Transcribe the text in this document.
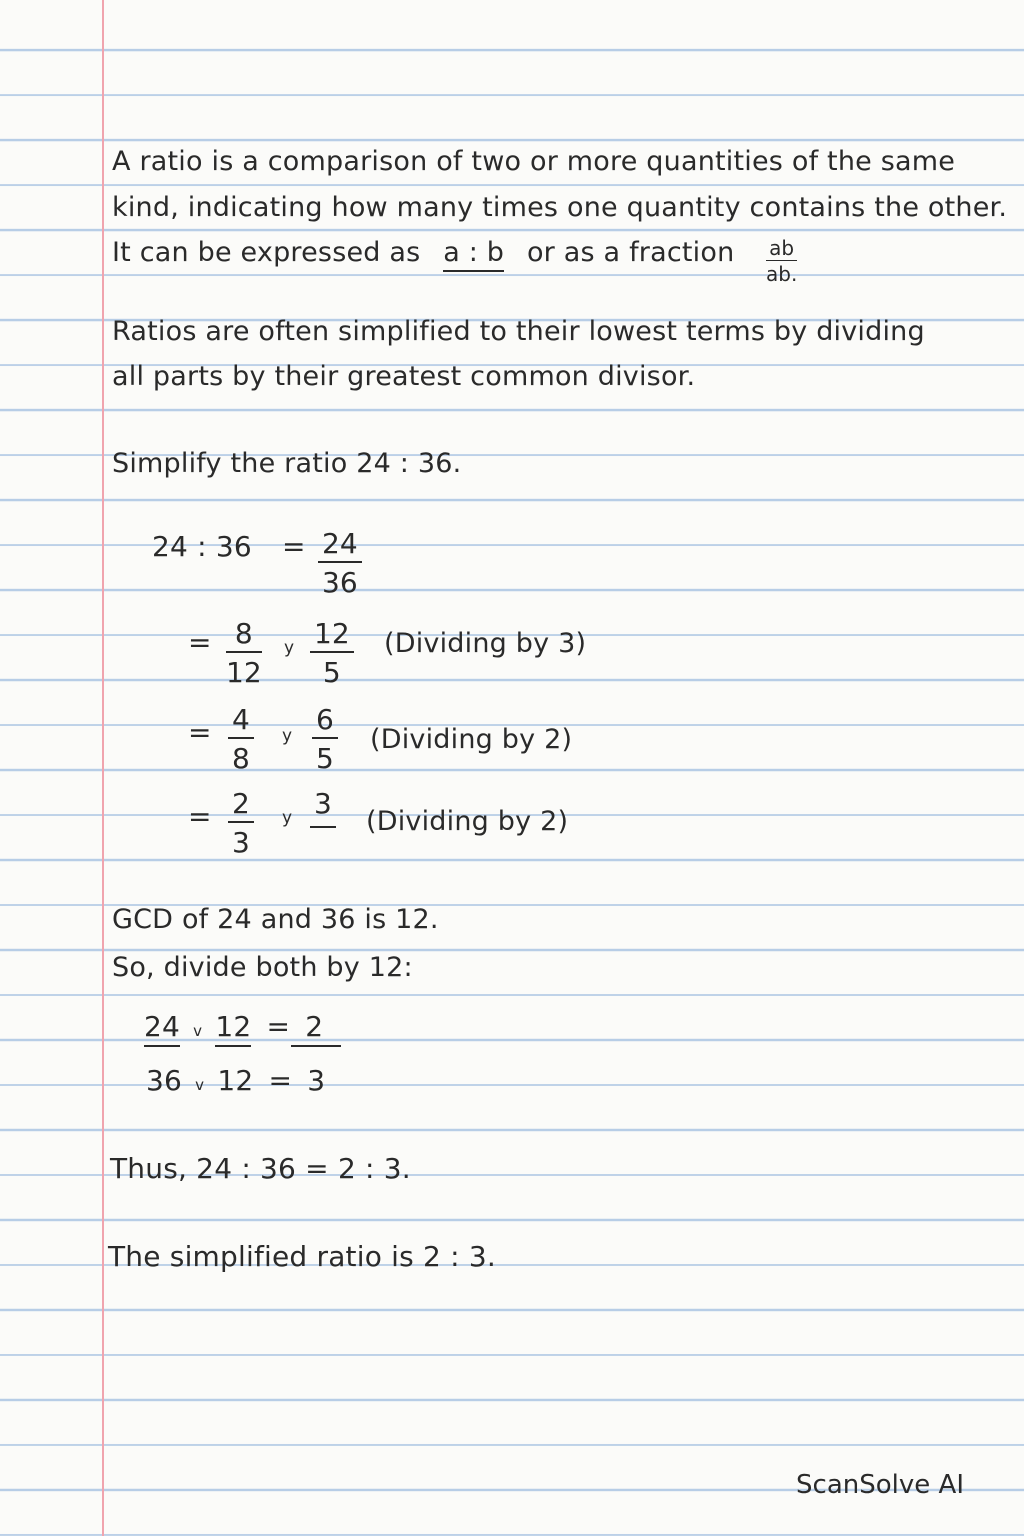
A ratio is a comparison of two or more quantities of the same
kind, indicating how many times one quantity contains the other.
It can be expressed as a : b or as a fraction $\frac{ab}{ab.}$
Ratios are often simplified to their lowest terms by dividing
all parts by their greatest common divisor.
Simplify the ratio 24 : 36.
24 : $36 = \frac{24}{36}$
= $\frac{8}{12}$ y $\frac{12}{5}$ (Dividing by 3)
= $\frac{4}{8}$ y $\frac{6}{5}$ (Dividing by 2)
= $\frac{2}{3}$ y 3

(Dividing by 2)
GCD of 24 and 36 is 12.
So, divide both by 12:
24 v 12 = 2
36 v 12 = 3
Thus, 24 : 36 = 2 : 3.
The simplified ratio is 2 : 3.
ScanSolve AI
